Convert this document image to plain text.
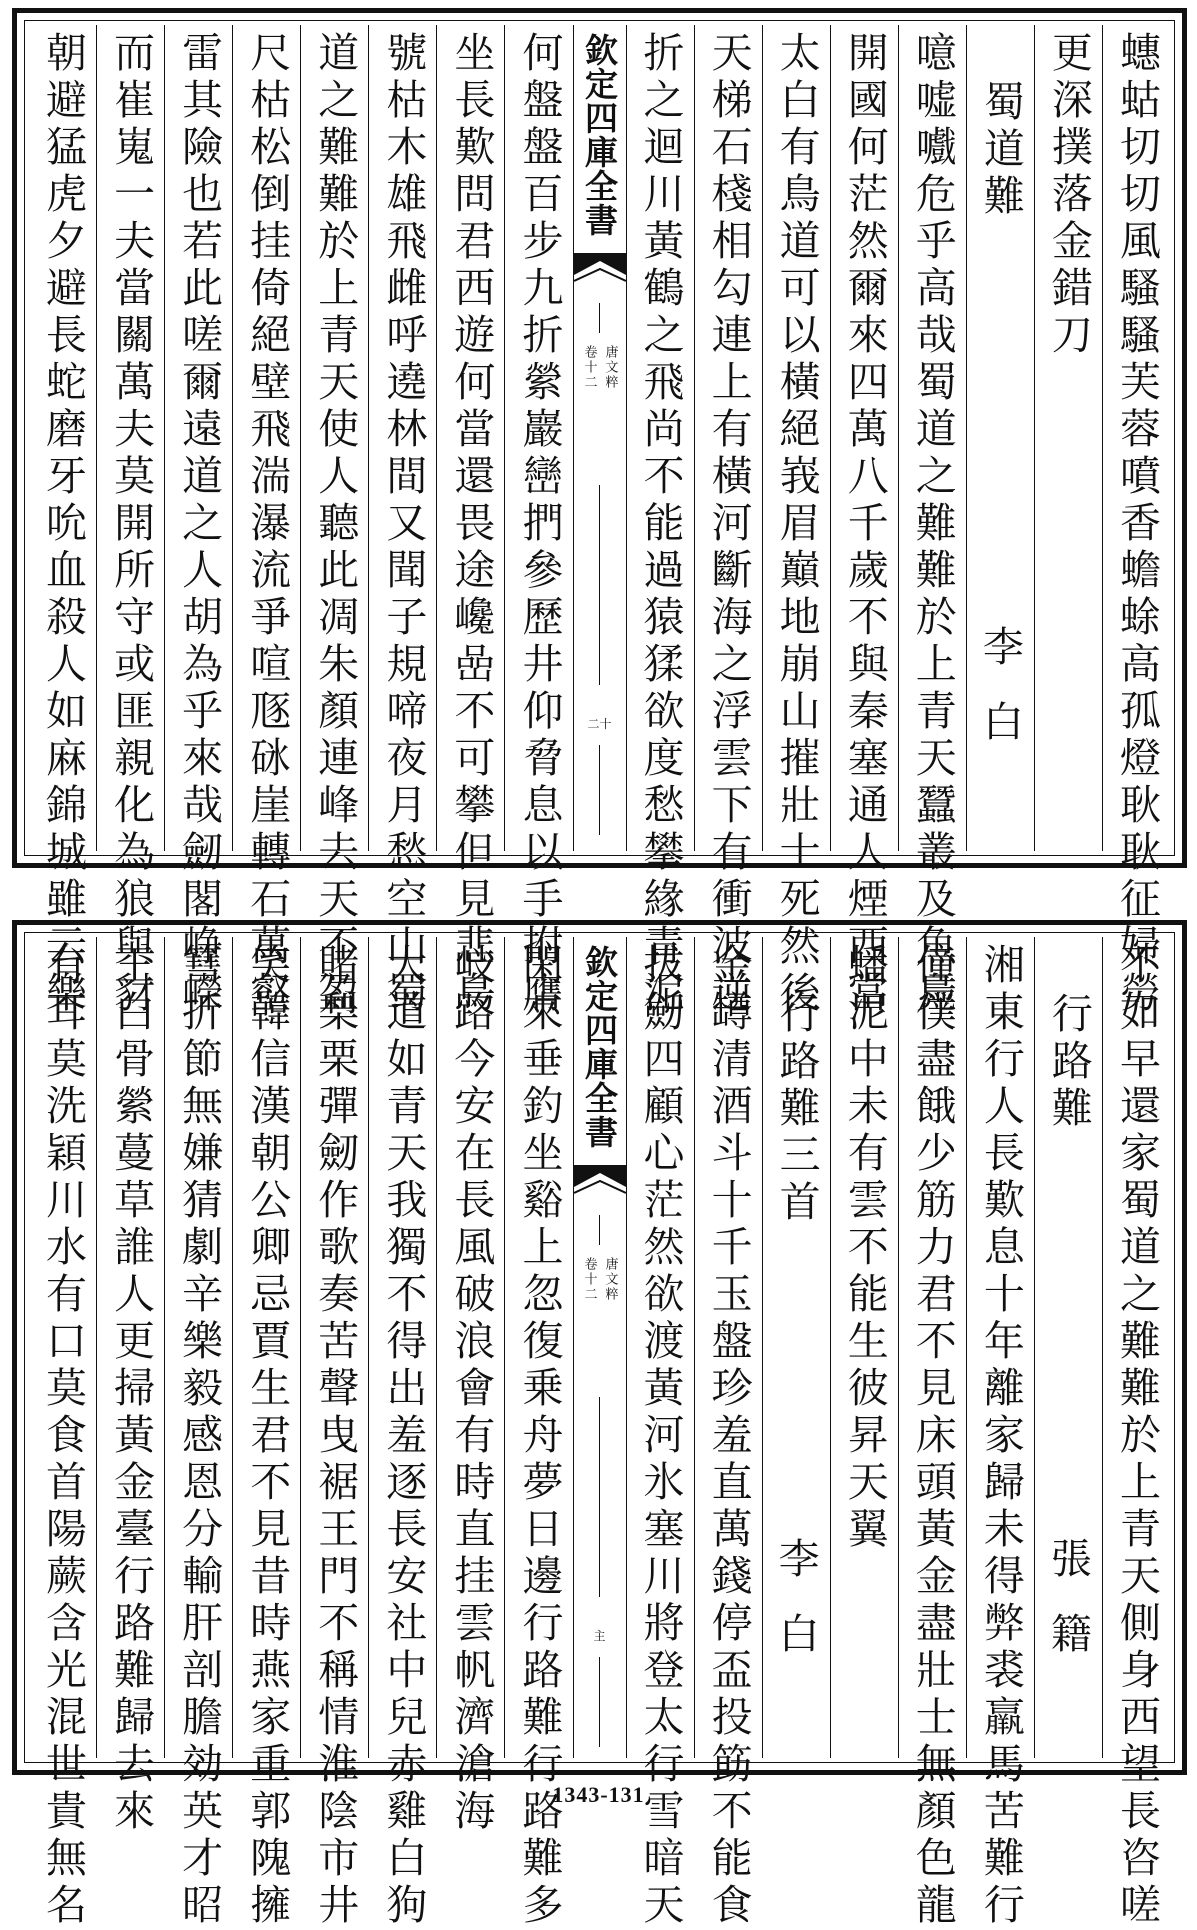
蟪蛄切切風騷騷芙蓉噴香蟾蜍高孤燈耿耿征婦勞
更深撲落金錯刀
蜀道難
李白
噫嘘嚱危乎高哉蜀道之難難於上青天蠶叢及魚鳧
開國何茫然爾來四萬八千歲不與秦塞通人煙西當
太白有鳥道可以橫絕峩眉巔地崩山摧壯士死然後
天梯石棧相勾連上有橫河斷海之浮雲下有衝波逆
折之迴川黃鶴之飛尚不能過猿猱欲度愁攀緣青泥
欽定四庫全書
卷十二 唐文粹
二十
何盤盤百步九折縈巖巒捫參歷井仰脅息以手拊膺
坐長歎問君西遊何當還畏途巉嵒不可攀但見悲鳥
號枯木雄飛雌呼遶林間又聞子規啼夜月愁空山蜀
道之難難於上青天使人聽此凋朱顏連峰去天不盈
尺枯松倒挂倚絕壁飛湍瀑流爭喧豗砯崖轉石萬壑
雷其險也若此嗟爾遠道之人胡為乎來哉劒閣峥嶸
而崔嵬一夫當關萬夫莫開所守或匪親化為狼與豺
朝避猛虎夕避長蛇磨牙吮血殺人如麻錦城雖云樂
不如早還家蜀道之難難於上青天側身西望長咨嗟
行路難
張籍
湘東行人長歎息十年離家歸未得弊裘羸馬苦難行
僮僕盡餓少筋力君不見床頭黃金盡壯士無顏色龍
蟠泥中未有雲不能生彼昇天翼
行路難三首
李白
金罇清酒斗十千玉盤珍羞直萬錢停盃投筯不能食
拔劒四顧心茫然欲渡黃河氷塞川將登太行雪暗天
欽定四庫全書
卷十二 唐文粹
主
閑來垂釣坐谿上忽復乗舟夢日邊行路難行路難多
岐路今安在長風破浪會有時直挂雲帆濟滄海
大道如青天我獨不得出羞逐長安社中兒赤雞白狗
賭梨栗彈劒作歌奏苦聲曳裾王門不稱情淮陰市井
笑韓信漢朝公卿忌賈生君不見昔時燕家重郭隗擁
篲折節無嫌猜劇辛樂毅感恩分輸肝剖膽効英才昭
王白骨縈蔓草誰人更掃黃金臺行路難歸去來
有耳莫洗穎川水有口莫食首陽蕨含光混世貴無名	1343-131
